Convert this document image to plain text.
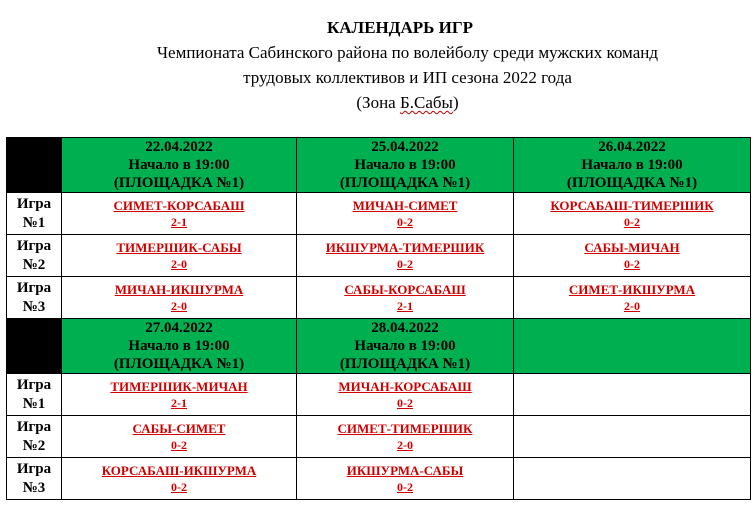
КАЛЕНДАРЬ ИГР
Чемпионата Сабинского района по волейболу среди мужских команд
трудовых коллективов и ИП сезона 2022 года
(Зона Б.Сабы)

	22.04.2022
Начало в 19:00
(ПЛОЩАДКА №1)	25.04.2022
Начало в 19:00
(ПЛОЩАДКА №1)	26.04.2022
Начало в 19:00
(ПЛОЩАДКА №1)

Игра
№1	СИМЕТ-КОРСАБАШ
2-1	МИЧАН-СИМЕТ
0-2	КОРСАБАШ-ТИМЕРШИК
0-2

Игра
№2	ТИМЕРШИК-САБЫ
2-0	ИКШУРМА-ТИМЕРШИК
0-2	САБЫ-МИЧАН
0-2

Игра
№3	МИЧАН-ИКШУРМА
2-0	САБЫ-КОРСАБАШ
2-1	СИМЕТ-ИКШУРМА
2-0

	27.04.2022
Начало в 19:00
(ПЛОЩАДКА №1)	28.04.2022
Начало в 19:00
(ПЛОЩАДКА №1)	

Игра
№1	ТИМЕРШИК-МИЧАН
2-1	МИЧАН-КОРСАБАШ
0-2	

Игра
№2	САБЫ-СИМЕТ
0-2	СИМЕТ-ТИМЕРШИК
2-0	

Игра
№3	КОРСАБАШ-ИКШУРМА
0-2	ИКШУРМА-САБЫ
0-2	
